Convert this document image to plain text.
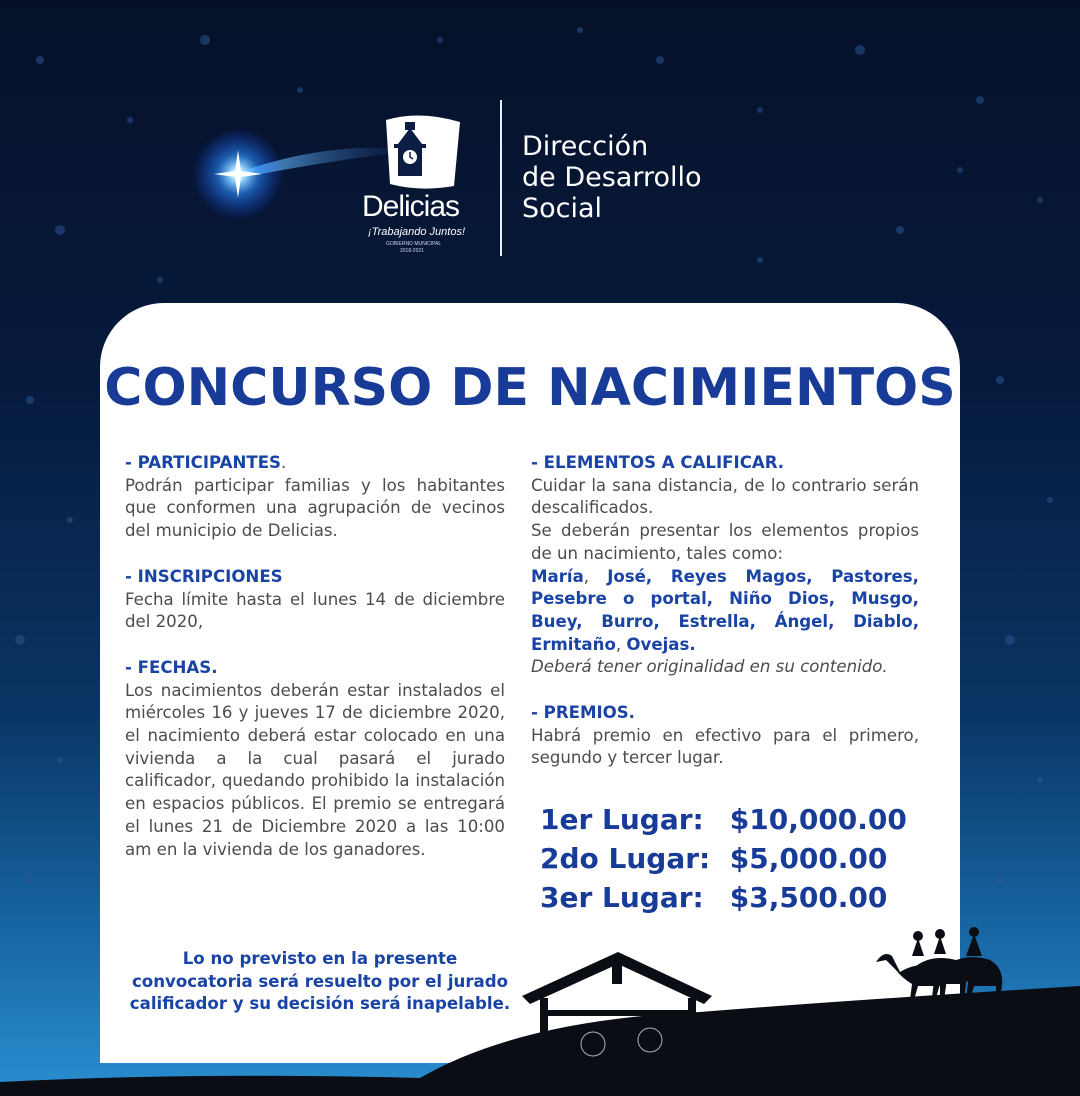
Delicias
¡Trabajando Juntos!
GOBIERNO MUNICIPAL
2018-2021
Dirección
de Desarrollo
Social
CONCURSO DE NACIMIENTOS
- PARTICIPANTES.
Podrán participar familias y los habitantes que conformen una agrupación de vecinos del municipio de Delicias.
- INSCRIPCIONES
Fecha límite hasta el lunes 14 de diciembre del 2020,
- FECHAS.
Los nacimientos deberán estar instalados el miércoles 16 y jueves 17 de diciembre 2020, el nacimiento deberá estar colocado en una vivienda a la cual pasará el jurado calificador, quedando prohibido la instalación en espacios públicos. El premio se entregará el lunes 21 de Diciembre 2020 a las 10:00 am en la vivienda de los ganadores.
- ELEMENTOS A CALIFICAR.
Cuidar la sana distancia, de lo contrario serán descalificados.
Se deberán presentar los elementos propios de un nacimiento, tales como:
María, José, Reyes Magos, Pastores, Pesebre o portal, Niño Dios, Musgo, Buey, Burro, Estrella, Ángel, Diablo, Ermitaño, Ovejas.
Deberá tener originalidad en su contenido.
- PREMIOS.
Habrá premio en efectivo para el primero, segundo y tercer lugar.
1er Lugar: $10,000.00
2do Lugar: $5,000.00
3er Lugar: $3,500.00
Lo no previsto en la presente convocatoria será resuelto por el jurado calificador y su decisión será inapelable.
